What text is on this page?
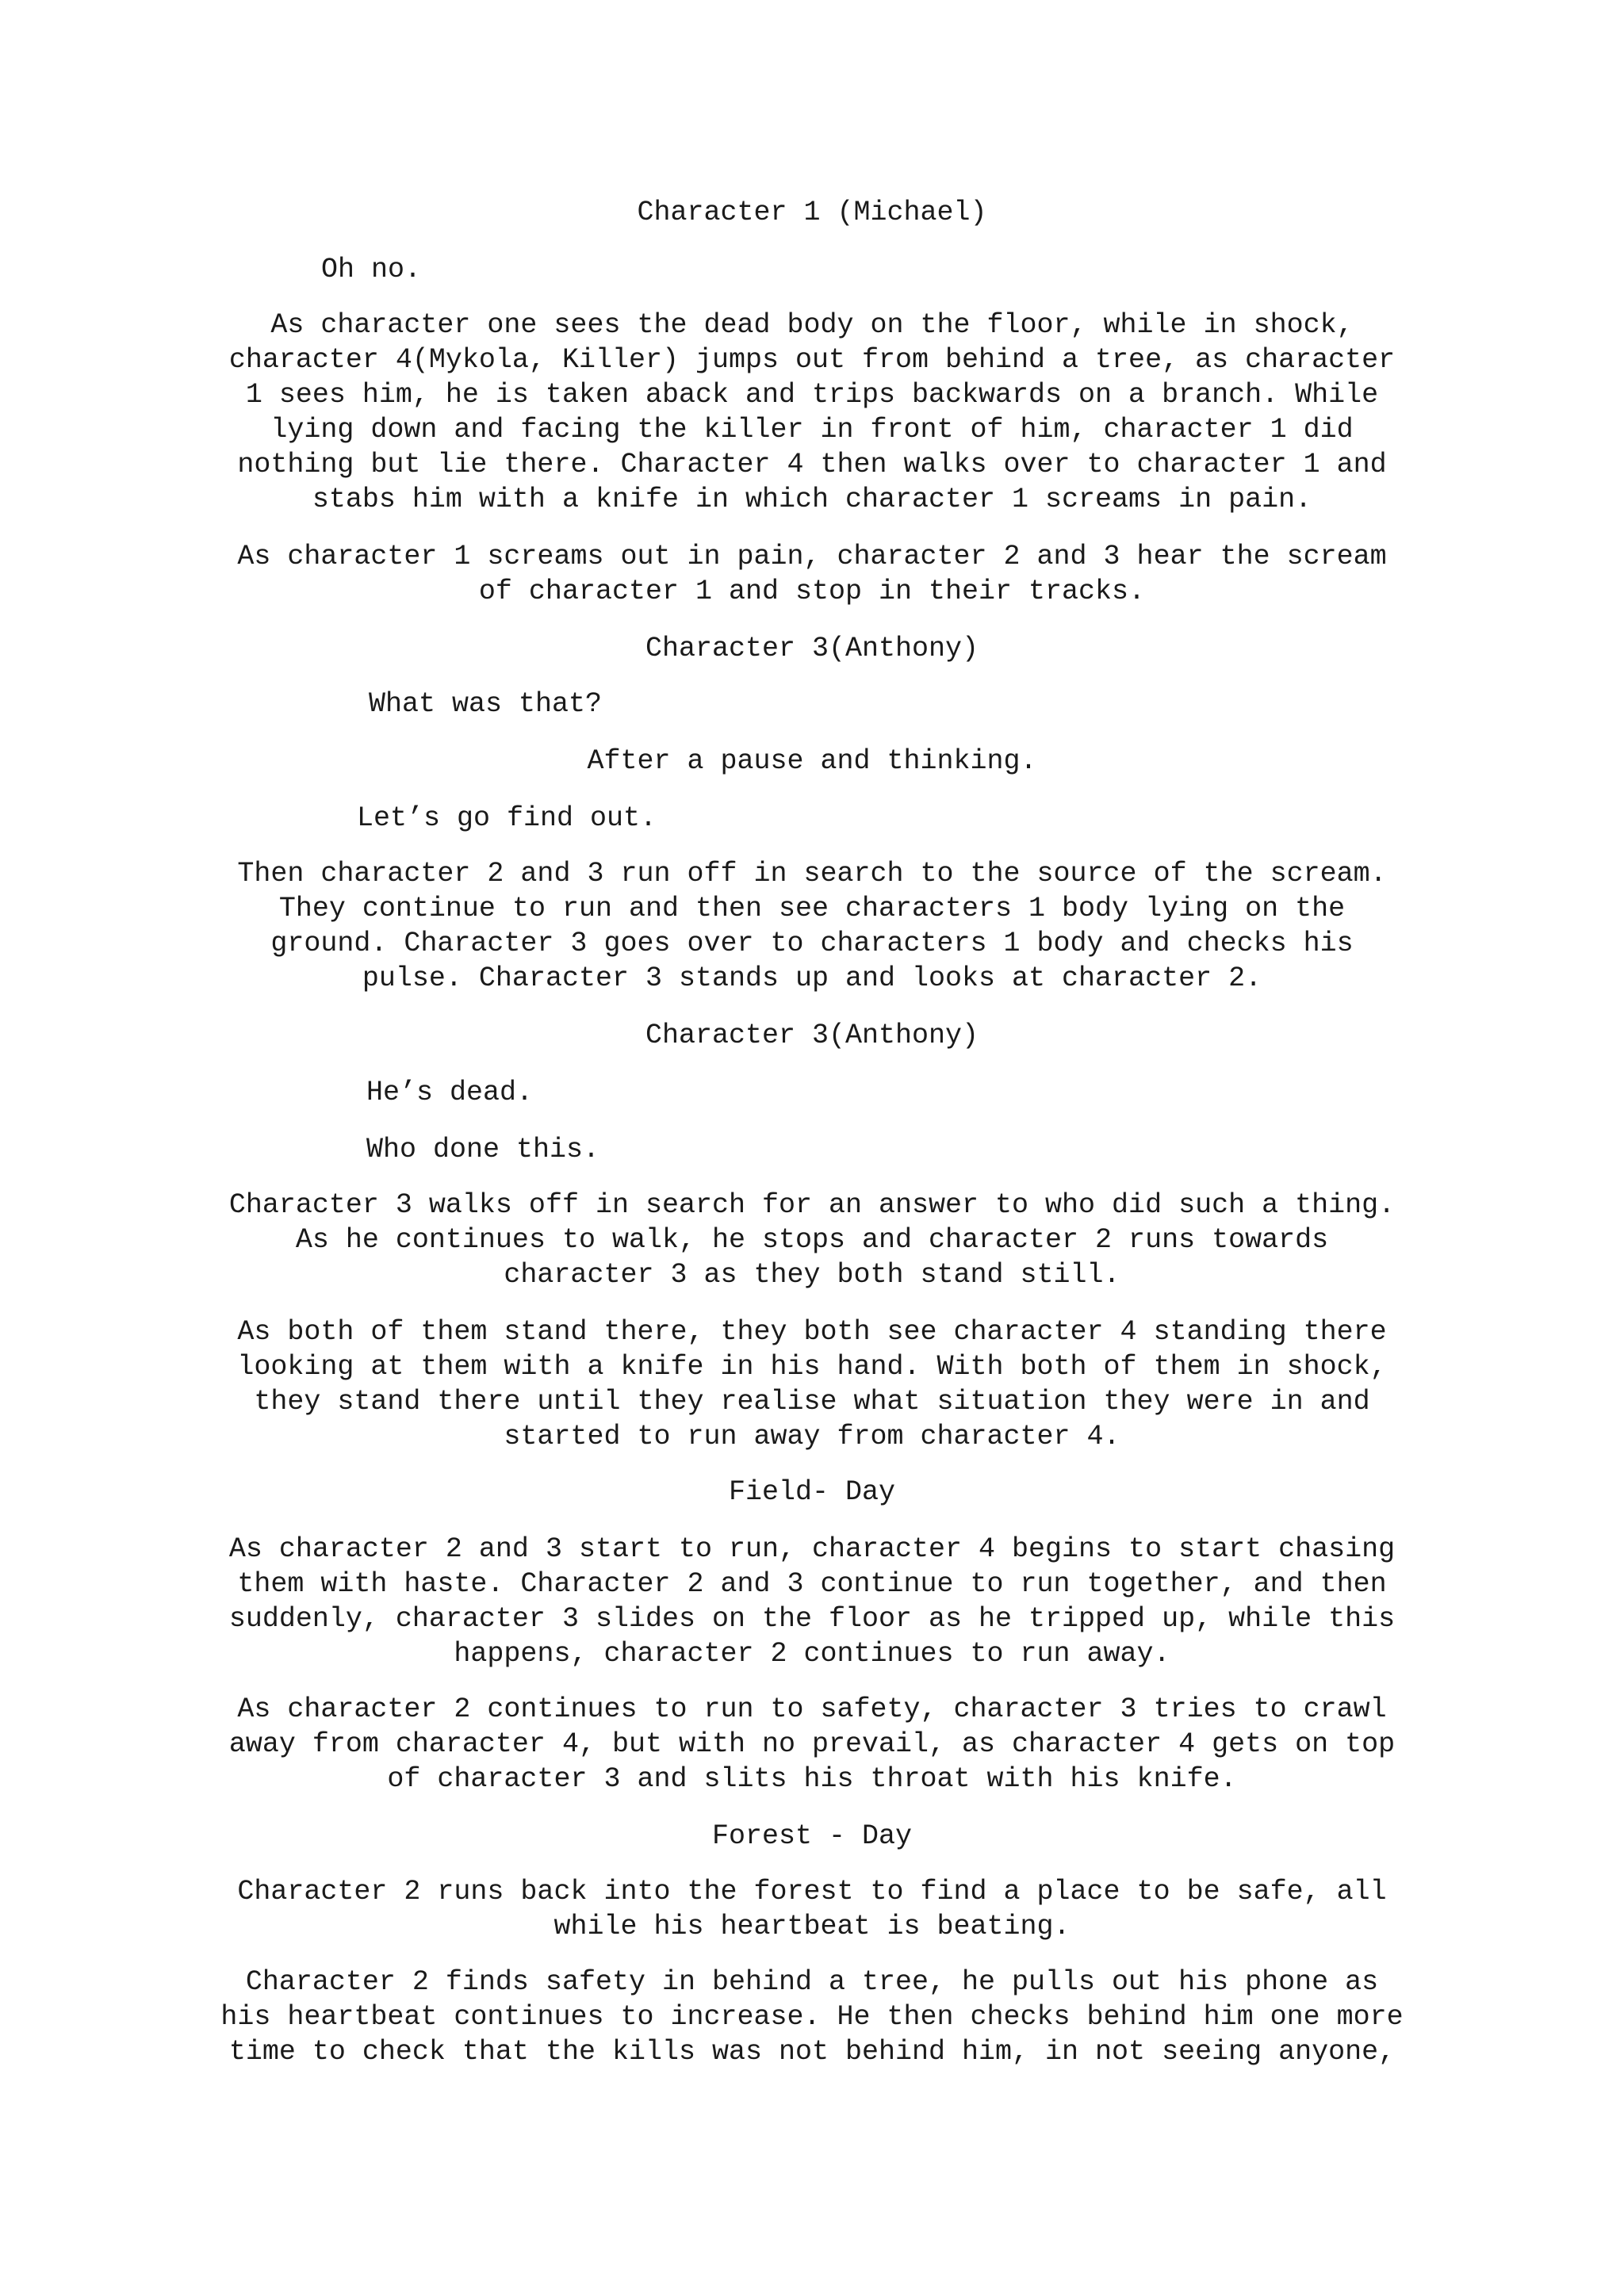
Character 1 (Michael)

Oh no.

As character one sees the dead body on the floor, while in shock,

character 4(Mykola, Killer) jumps out from behind a tree, as character

1 sees him, he is taken aback and trips backwards on a branch. While

lying down and facing the killer in front of him, character 1 did

nothing but lie there. Character 4 then walks over to character 1 and

stabs him with a knife in which character 1 screams in pain.

As character 1 screams out in pain, character 2 and 3 hear the scream

of character 1 and stop in their tracks.

Character 3(Anthony)

What was that?

After a pause and thinking.

Let’s go find out.

Then character 2 and 3 run off in search to the source of the scream.

They continue to run and then see characters 1 body lying on the

ground. Character 3 goes over to characters 1 body and checks his

pulse. Character 3 stands up and looks at character 2.

Character 3(Anthony)

He’s dead.

Who done this.

Character 3 walks off in search for an answer to who did such a thing.

As he continues to walk, he stops and character 2 runs towards

character 3 as they both stand still.

As both of them stand there, they both see character 4 standing there

looking at them with a knife in his hand. With both of them in shock,

they stand there until they realise what situation they were in and

started to run away from character 4.

Field- Day

As character 2 and 3 start to run, character 4 begins to start chasing

them with haste. Character 2 and 3 continue to run together, and then

suddenly, character 3 slides on the floor as he tripped up, while this

happens, character 2 continues to run away.

As character 2 continues to run to safety, character 3 tries to crawl

away from character 4, but with no prevail, as character 4 gets on top

of character 3 and slits his throat with his knife.

Forest - Day

Character 2 runs back into the forest to find a place to be safe, all

while his heartbeat is beating.

Character 2 finds safety in behind a tree, he pulls out his phone as

his heartbeat continues to increase. He then checks behind him one more

time to check that the kills was not behind him, in not seeing anyone,
